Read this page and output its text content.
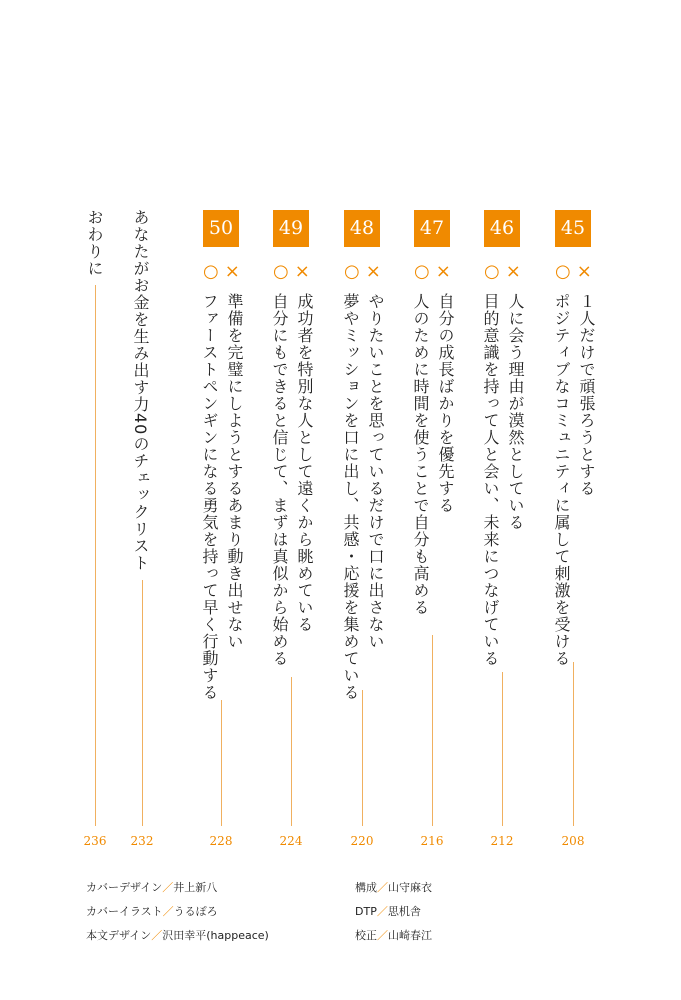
45
○ ×
１人だけで頑張ろうとする
ポジティブなコミュニティに属して刺激を受ける
208
46
○ ×
人に会う理由が漠然としている
目的意識を持って人と会い、未来につなげている
212
47
○ ×
自分の成長ばかりを優先する
人のために時間を使うことで自分も高める
216
48
○ ×
やりたいことを思っているだけで口に出さない
夢やミッションを口に出し、共感・応援を集めている
220
49
○ ×
成功者を特別な人として遠くから眺めている
自分にもできると信じて、まずは真似から始める
224
50
○ ×
準備を完璧にしようとするあまり動き出せない
ファーストペンギンになる勇気を持って早く行動する
228
あなたがお金を生み出す力40のチェックリスト
232
おわりに
236
カバーデザイン／井上新八
カバーイラスト／うるぽろ
本文デザイン／沢田幸平(happeace)
構成／山守麻衣
DTP／思机舎
校正／山崎春江
